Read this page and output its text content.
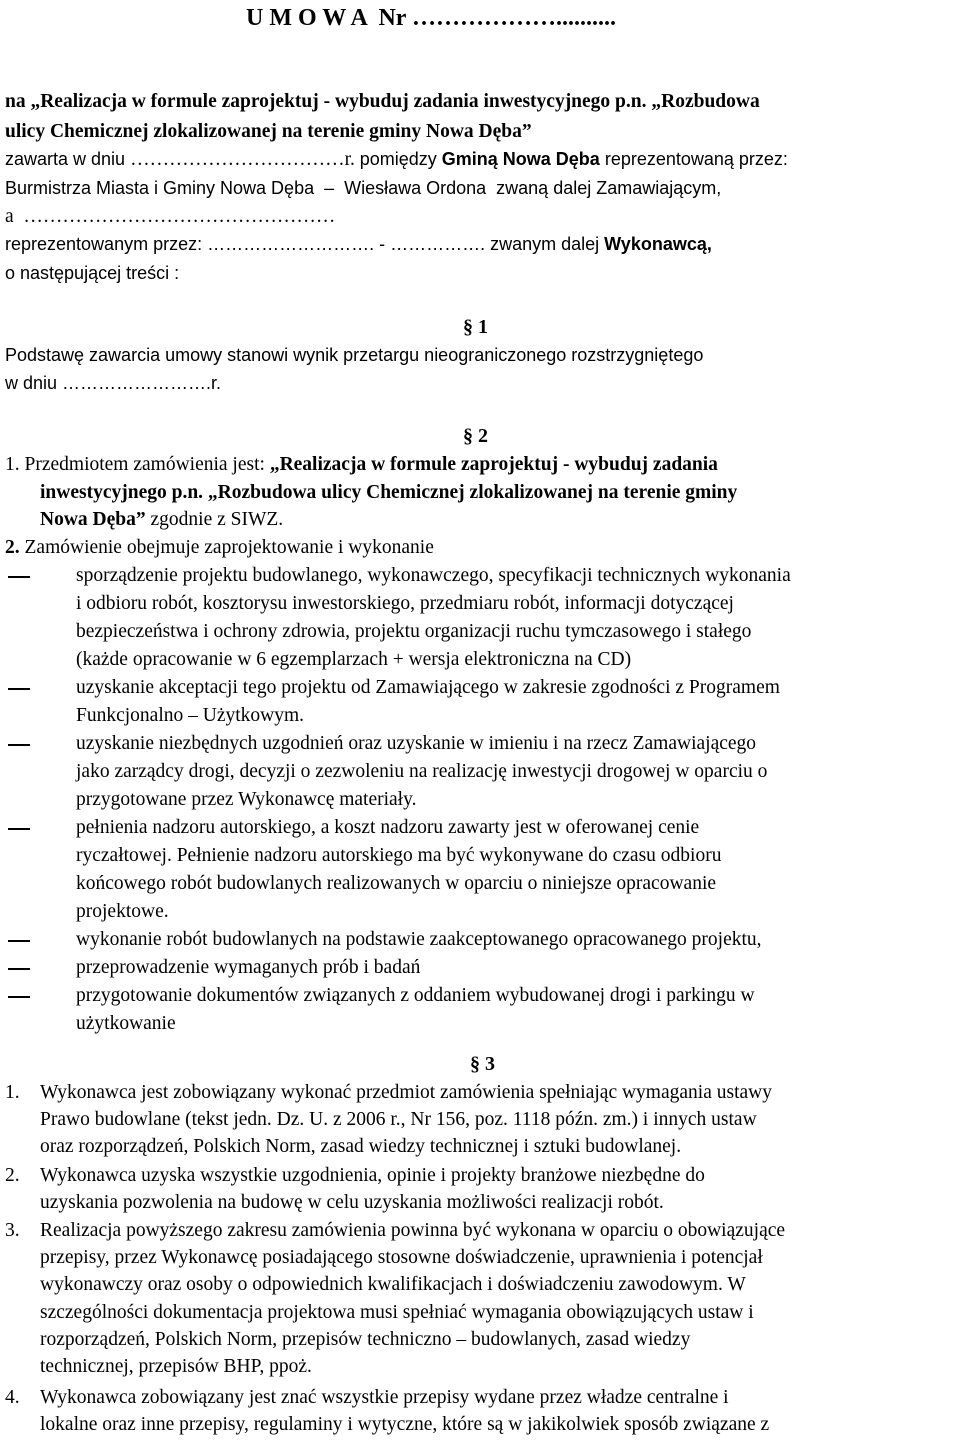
U M O W A  Nr ………………..........
na „Realizacja w formule zaprojektuj - wybuduj zadania inwestycyjnego p.n. „Rozbudowa
ulicy Chemicznej zlokalizowanej na terenie gminy Nowa Dęba”
zawarta w dniu ……………………………r. pomiędzy Gminą Nowa Dęba reprezentowaną przez:
Burmistrza Miasta i Gminy Nowa Dęba  –  Wiesława Ordona  zwaną dalej Zamawiającym,
a  …………………………………………
reprezentowanym przez: ………………………. - ……………. zwanym dalej Wykonawcą,
o następującej treści :
§ 1
Podstawę zawarcia umowy stanowi wynik przetargu nieograniczonego rozstrzygniętego
w dniu …………………….r.
§ 2
1. Przedmiotem zamówienia jest: „Realizacja w formule zaprojektuj - wybuduj zadania
inwestycyjnego p.n. „Rozbudowa ulicy Chemicznej zlokalizowanej na terenie gminy
Nowa Dęba” zgodnie z SIWZ.
2. Zamówienie obejmuje zaprojektowanie i wykonanie
sporządzenie projektu budowlanego, wykonawczego, specyfikacji technicznych wykonania
i odbioru robót, kosztorysu inwestorskiego, przedmiaru robót, informacji dotyczącej
bezpieczeństwa i ochrony zdrowia, projektu organizacji ruchu tymczasowego i stałego
(każde opracowanie w 6 egzemplarzach + wersja elektroniczna na CD)
uzyskanie akceptacji tego projektu od Zamawiającego w zakresie zgodności z Programem
Funkcjonalno – Użytkowym.
uzyskanie niezbędnych uzgodnień oraz uzyskanie w imieniu i na rzecz Zamawiającego
jako zarządcy drogi, decyzji o zezwoleniu na realizację inwestycji drogowej w oparciu o
przygotowane przez Wykonawcę materiały.
pełnienia nadzoru autorskiego, a koszt nadzoru zawarty jest w oferowanej cenie
ryczałtowej. Pełnienie nadzoru autorskiego ma być wykonywane do czasu odbioru
końcowego robót budowlanych realizowanych w oparciu o niniejsze opracowanie
projektowe.
wykonanie robót budowlanych na podstawie zaakceptowanego opracowanego projektu,
przeprowadzenie wymaganych prób i badań
przygotowanie dokumentów związanych z oddaniem wybudowanej drogi i parkingu w
użytkowanie
§ 3
1. Wykonawca jest zobowiązany wykonać przedmiot zamówienia spełniając wymagania ustawy
Prawo budowlane (tekst jedn. Dz. U. z 2006 r., Nr 156, poz. 1118 późn. zm.) i innych ustaw
oraz rozporządzeń, Polskich Norm, zasad wiedzy technicznej i sztuki budowlanej.
2. Wykonawca uzyska wszystkie uzgodnienia, opinie i projekty branżowe niezbędne do
uzyskania pozwolenia na budowę w celu uzyskania możliwości realizacji robót.
3. Realizacja powyższego zakresu zamówienia powinna być wykonana w oparciu o obowiązujące
przepisy, przez Wykonawcę posiadającego stosowne doświadczenie, uprawnienia i potencjał
wykonawczy oraz osoby o odpowiednich kwalifikacjach i doświadczeniu zawodowym. W
szczególności dokumentacja projektowa musi spełniać wymagania obowiązujących ustaw i
rozporządzeń, Polskich Norm, przepisów techniczno – budowlanych, zasad wiedzy
technicznej, przepisów BHP, ppoż.
4. Wykonawca zobowiązany jest znać wszystkie przepisy wydane przez władze centralne i
lokalne oraz inne przepisy, regulaminy i wytyczne, które są w jakikolwiek sposób związane z
